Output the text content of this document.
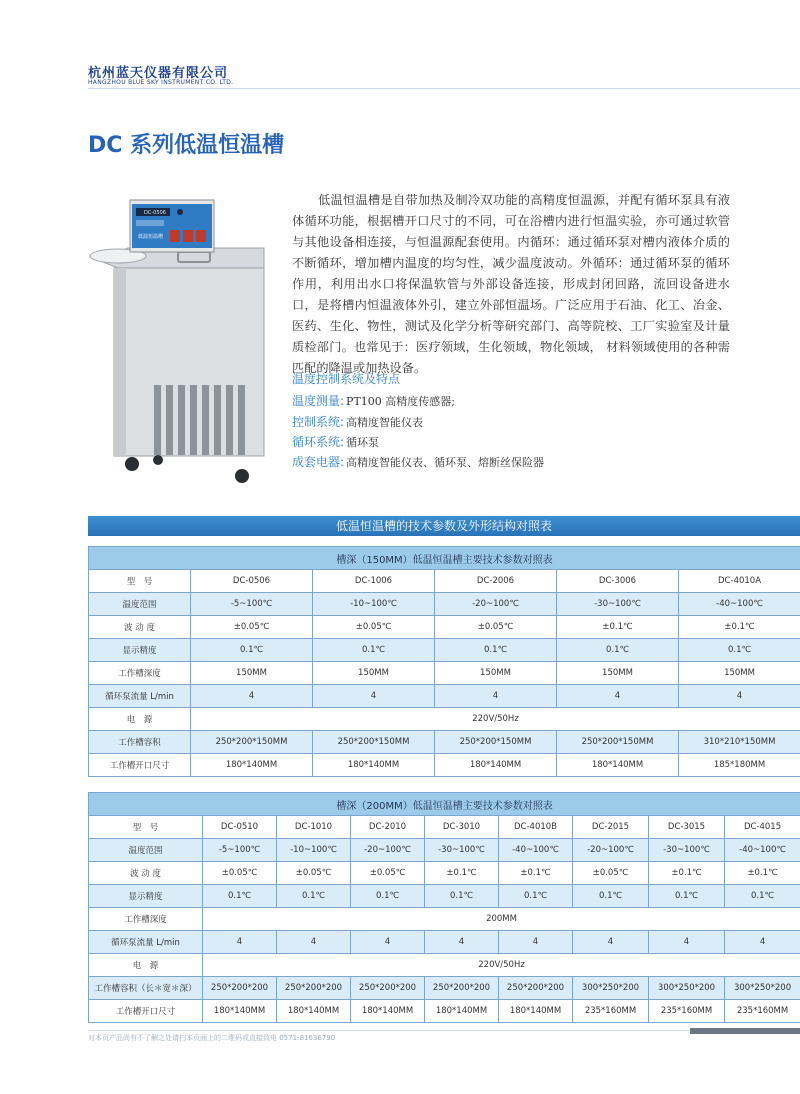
杭州蓝天仪器有限公司
HANGZHOU BLUE SKY INSTRUMENT CO. LTD.
DC 系列低温恒温槽
DC-0506
低温恒温槽
低温恒温槽是自带加热及制冷双功能的高精度恒温源，并配有循环泵具有液体循环功能，根据槽开口尺寸的不同，可在浴槽内进行恒温实验，亦可通过软管与其他设备相连接，与恒温源配套使用。内循环：通过循环泵对槽内液体介质的不断循环，增加槽内温度的均匀性，减少温度波动。外循环：通过循环泵的循环作用，利用出水口将保温软管与外部设备连接，形成封闭回路，流回设备进水口，是将槽内恒温液体外引，建立外部恒温场。广泛应用于石油、化工、冶金、医药、生化、物性，测试及化学分析等研究部门、高等院校、工厂实验室及计量质检部门。也常见于：医疗领域，生化领域，物化领域， 材料领域使用的各种需匹配的降温或加热设备。
温度控制系统及特点
温度测量: PT100 高精度传感器;
控制系统: 高精度智能仪表
循环系统: 循环泵
成套电器: 高精度智能仪表、循环泵、熔断丝保险器
低温恒温槽的技术参数及外形结构对照表
槽深（150MM）低温恒温槽主要技术参数对照表					
型　号	DC-0506	DC-1006	DC-2006	DC-3006	DC-4010A
温度范围	-5~100℃	-10~100℃	-20~100℃	-30~100℃	-40~100℃
波 动 度	±0.05℃	±0.05℃	±0.05℃	±0.1℃	±0.1℃
显示精度	0.1℃	0.1℃	0.1℃	0.1℃	0.1℃
工作槽深度	150MM	150MM	150MM	150MM	150MM
循环泵流量 L/min	4	4	4	4	4
电　源	220V/50Hz				
工作槽容积	250*200*150MM	250*200*150MM	250*200*150MM	250*200*150MM	310*210*150MM
工作槽开口尺寸	180*140MM	180*140MM	180*140MM	180*140MM	185*180MM
槽深（200MM）低温恒温槽主要技术参数对照表								
型　号	DC-0510	DC-1010	DC-2010	DC-3010	DC-4010B	DC-2015	DC-3015	DC-4015
温度范围	-5~100℃	-10~100℃	-20~100℃	-30~100℃	-40~100℃	-20~100℃	-30~100℃	-40~100℃
波 动 度	±0.05℃	±0.05℃	±0.05℃	±0.1℃	±0.1℃	±0.05℃	±0.1℃	±0.1℃
显示精度	0.1℃	0.1℃	0.1℃	0.1℃	0.1℃	0.1℃	0.1℃	0.1℃
工作槽深度	200MM							
循环泵流量 L/min	4	4	4	4	4	4	4	4
电　源	220V/50Hz							
工作槽容积（长＊宽＊深）	250*200*200	250*200*200	250*200*200	250*200*200	250*200*200	300*250*200	300*250*200	300*250*200
工作槽开口尺寸	180*140MM	180*140MM	180*140MM	180*140MM	180*140MM	235*160MM	235*160MM	235*160MM
对本页产品尚有不了解之处请扫本页面上的二维码或直接致电 0571-81636790
